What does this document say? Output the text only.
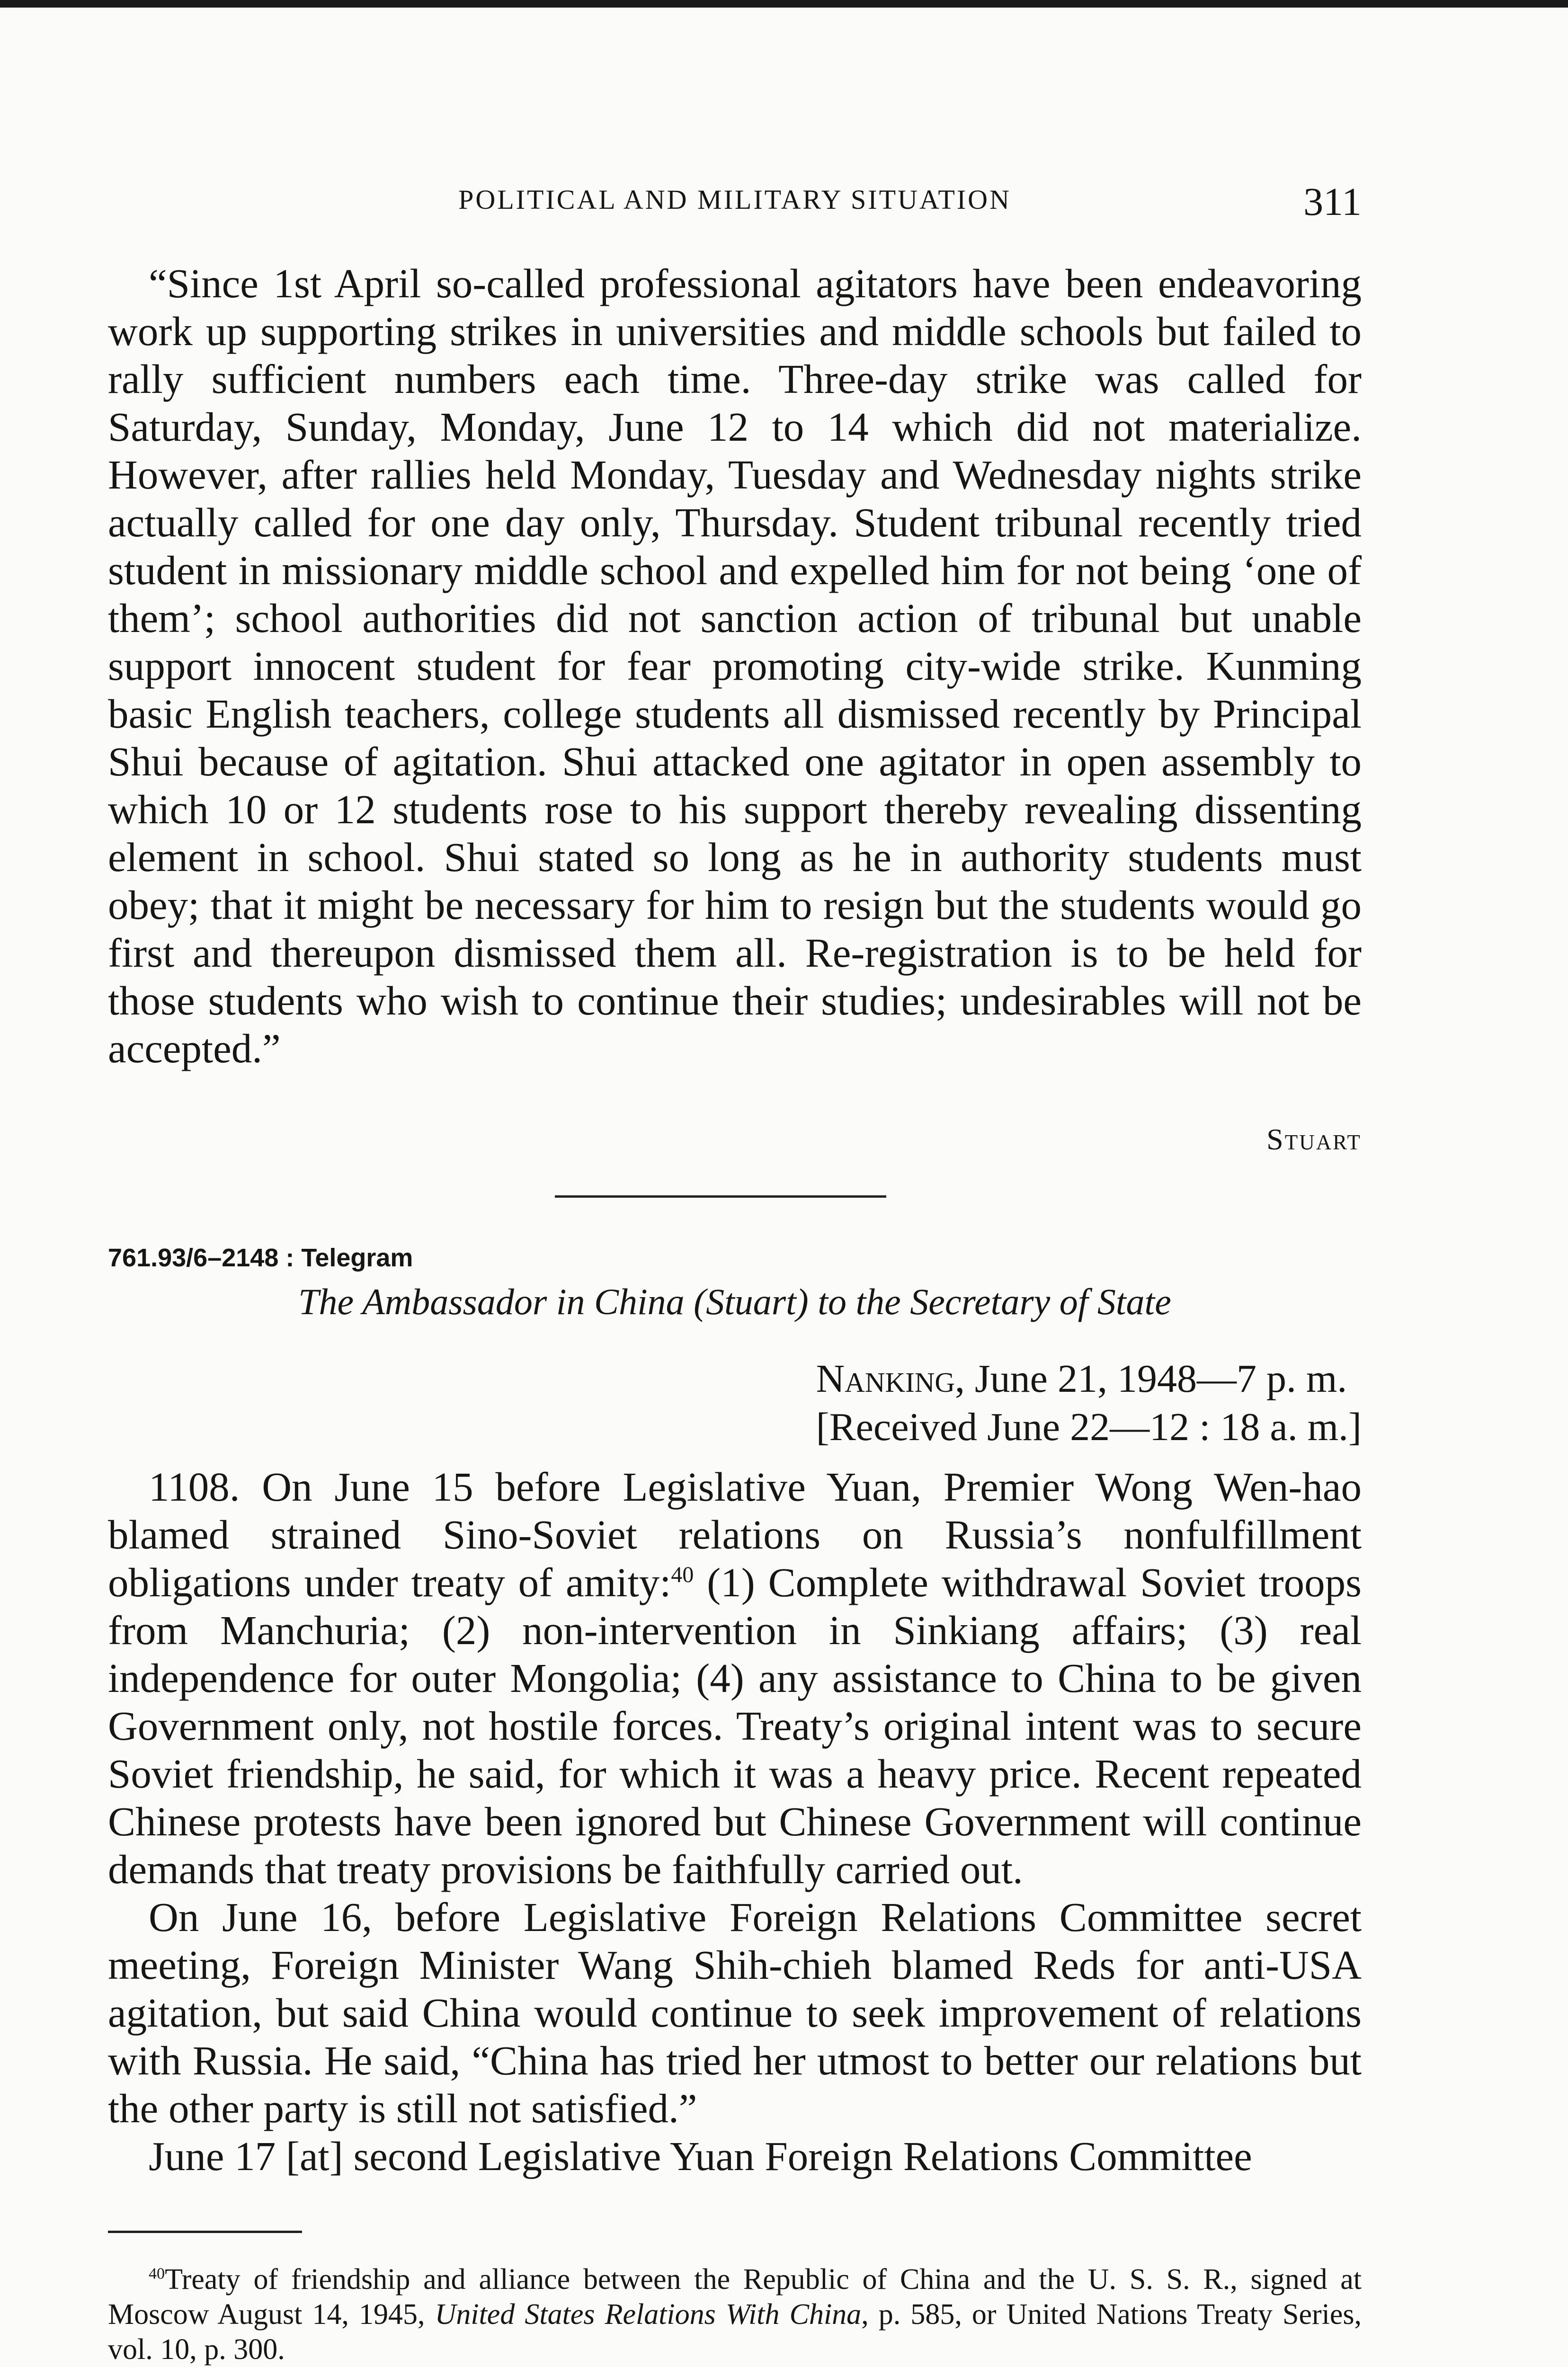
POLITICAL AND MILITARY SITUATION	311

“Since 1st April so-called professional agitators have been endeavoring work up supporting strikes in universities and middle schools but failed to rally sufficient numbers each time. Three-day strike was called for Saturday, Sunday, Monday, June 12 to 14 which did not materialize. However, after rallies held Monday, Tuesday and Wednesday nights strike actually called for one day only, Thursday. Student tribunal recently tried student in missionary middle school and expelled him for not being ‘one of them’; school authorities did not sanction action of tribunal but unable support innocent student for fear promoting city-wide strike. Kunming basic English teachers, college students all dismissed recently by Principal Shui because of agitation. Shui attacked one agitator in open assembly to which 10 or 12 students rose to his support thereby revealing dissenting element in school. Shui stated so long as he in authority students must obey; that it might be necessary for him to resign but the students would go first and thereupon dismissed them all. Re-registration is to be held for those students who wish to continue their studies; undesirables will not be accepted.”

Stuart
761.93/6–2148 : Telegram
The Ambassador in China (Stuart) to the Secretary of State
Nanking, June 21, 1948—7 p. m.
[Received June 22—12 : 18 a. m.]

1108. On June 15 before Legislative Yuan, Premier Wong Wen-hao blamed strained Sino-Soviet relations on Russia’s nonfulfillment obligations under treaty of amity:$^{40}$ (1) Complete withdrawal Soviet troops from Manchuria; (2) non-intervention in Sinkiang affairs; (3) real independence for outer Mongolia; (4) any assistance to China to be given Government only, not hostile forces. Treaty’s original intent was to secure Soviet friendship, he said, for which it was a heavy price. Recent repeated Chinese protests have been ignored but Chinese Government will continue demands that treaty provisions be faithfully carried out.

On June 16, before Legislative Foreign Relations Committee secret meeting, Foreign Minister Wang Shih-chieh blamed Reds for anti-USA agitation, but said China would continue to seek improvement of relations with Russia. He said, “China has tried her utmost to better our relations but the other party is still not satisfied.”

June 17 [at] second Legislative Yuan Foreign Relations Committee

$^{40}$Treaty of friendship and alliance between the Republic of China and the U. S. S. R., signed at Moscow August 14, 1945, United States Relations With China, p. 585, or United Nations Treaty Series, vol. 10, p. 300.
